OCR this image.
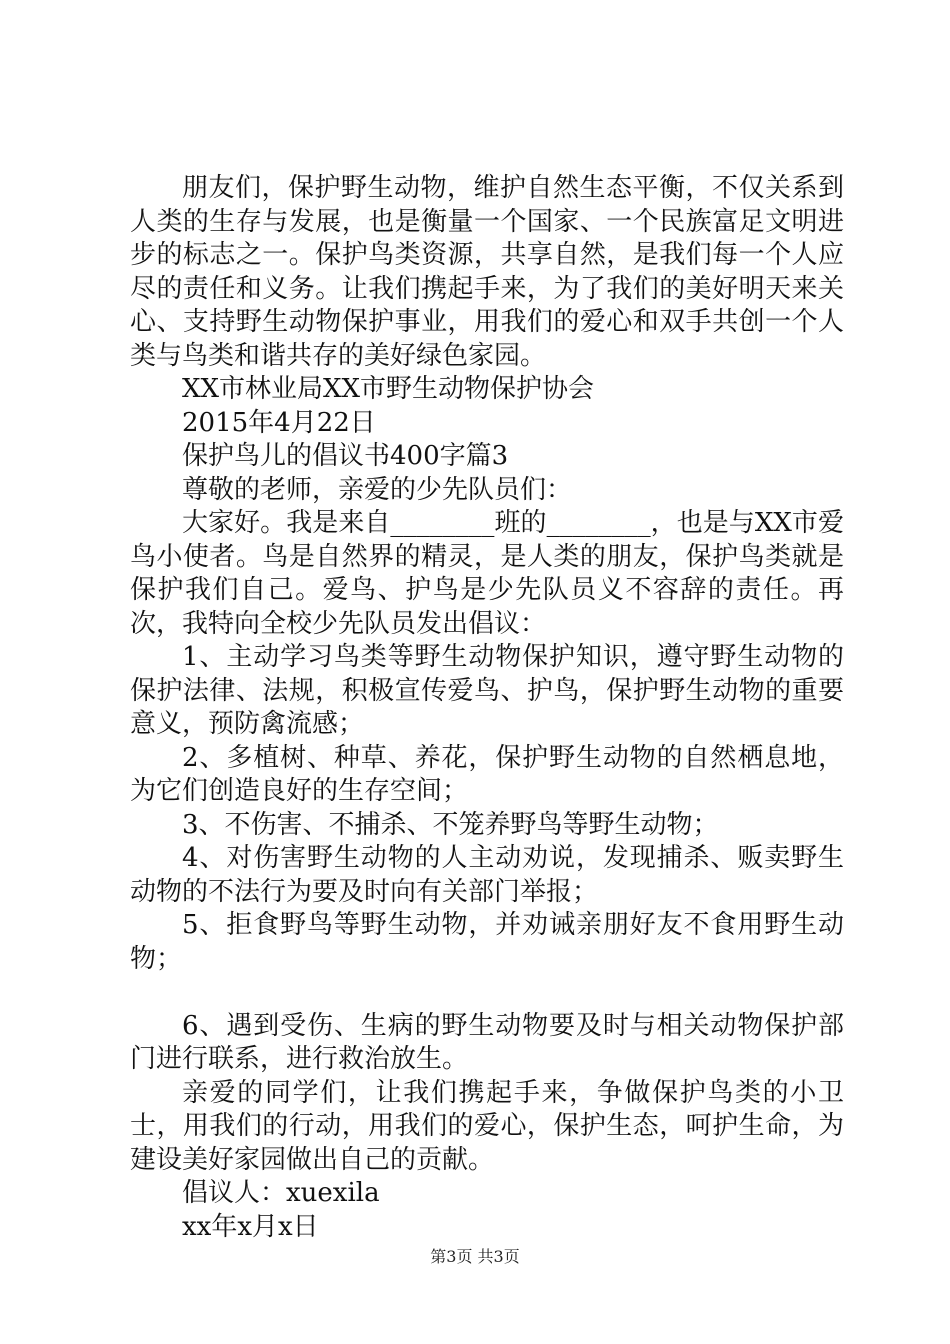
朋友们，保护野生动物，维护自然生态平衡，不仅关系到人类的生存与发展，也是衡量一个国家、一个民族富足文明进步的标志之一。保护鸟类资源，共享自然，是我们每一个人应尽的责任和义务。让我们携起手来，为了我们的美好明天来关心、支持野生动物保护事业，用我们的爱心和双手共创一个人类与鸟类和谐共存的美好绿色家园。

XX市林业局XX市野生动物保护协会

2015年4月22日

保护鸟儿的倡议书400字篇3

尊敬的老师，亲爱的少先队员们：

大家好。我是来自________班的________，也是与XX市爱鸟小使者。鸟是自然界的精灵，是人类的朋友，保护鸟类就是保护我们自己。爱鸟、护鸟是少先队员义不容辞的责任。再次，我特向全校少先队员发出倡议：

1、主动学习鸟类等野生动物保护知识，遵守野生动物的保护法律、法规，积极宣传爱鸟、护鸟，保护野生动物的重要意义，预防禽流感；

2、多植树、种草、养花，保护野生动物的自然栖息地，为它们创造良好的生存空间；

3、不伤害、不捕杀、不笼养野鸟等野生动物；

4、对伤害野生动物的人主动劝说，发现捕杀、贩卖野生动物的不法行为要及时向有关部门举报；

5、拒食野鸟等野生动物，并劝诫亲朋好友不食用野生动物；

6、遇到受伤、生病的野生动物要及时与相关动物保护部门进行联系，进行救治放生。

亲爱的同学们，让我们携起手来，争做保护鸟类的小卫士，用我们的行动，用我们的爱心，保护生态，呵护生命，为建设美好家园做出自己的贡献。

倡议人：xuexila

xx年x月x日

第3页 共3页
